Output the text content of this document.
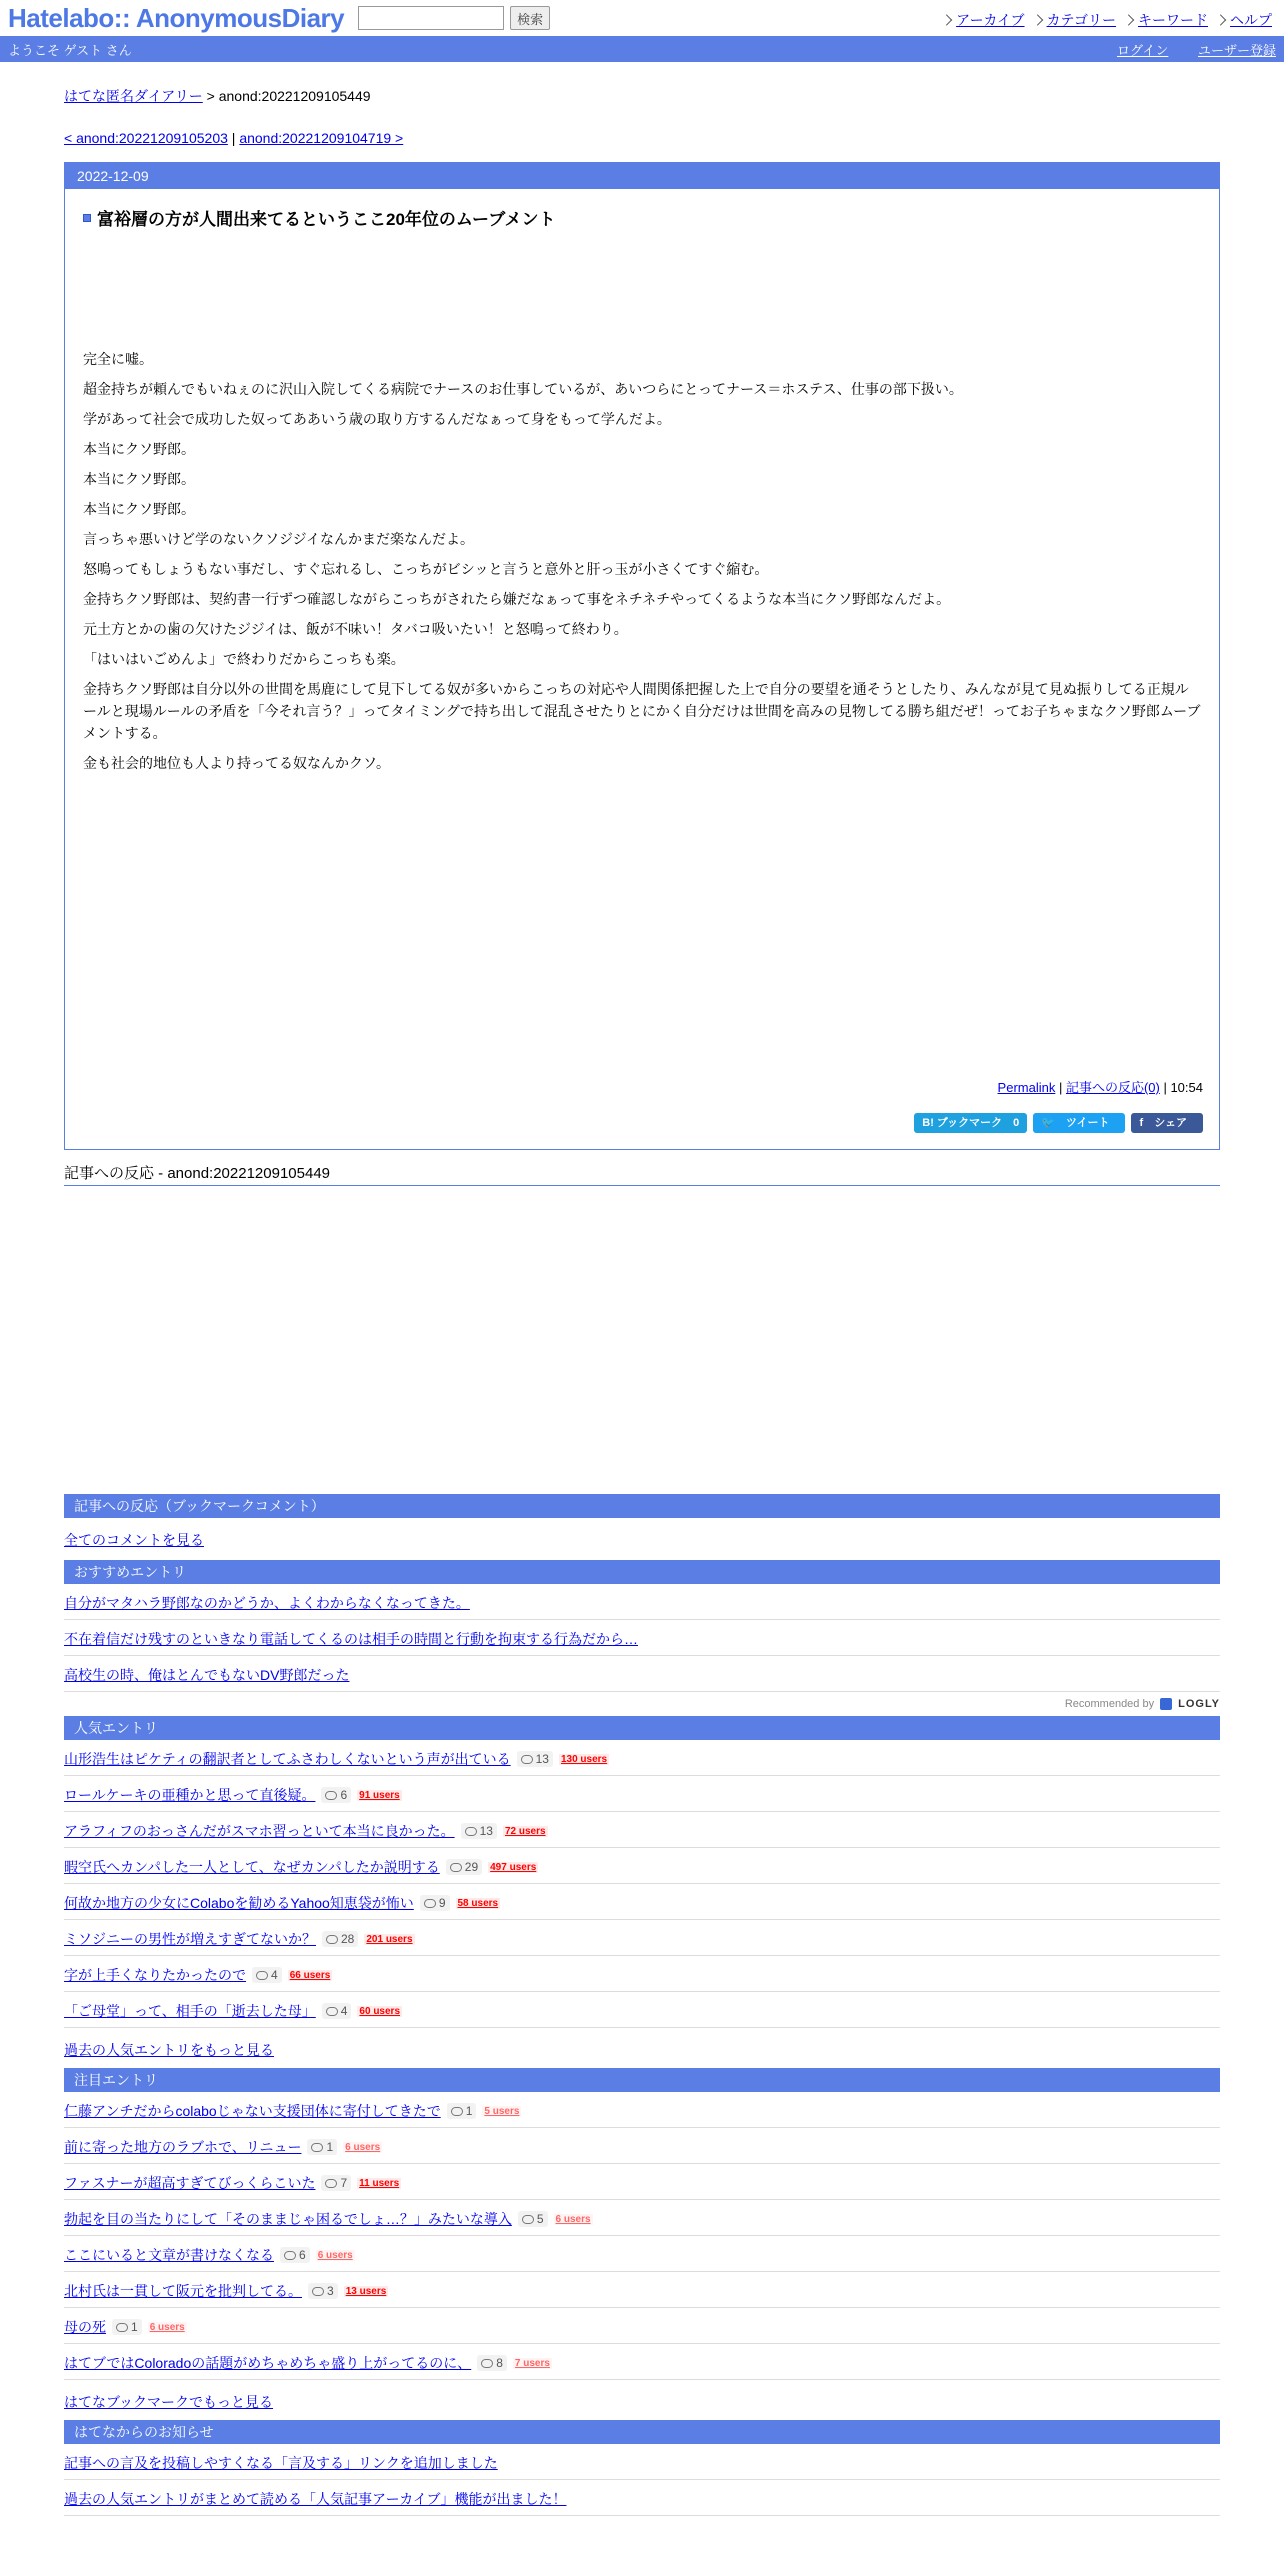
Hatelabo:: AnonymousDiary	検索	アーカイブ カテゴリー キーワード ヘルプ
ようこそ ゲスト さん	ログイン ユーザー登録
はてな匿名ダイアリー > anond:20221209105449
< anond:20221209105203 | anond:20221209104719 >
2022-12-09
富裕層の方が人間出来てるというここ20年位のムーブメント

完全に嘘。

超金持ちが頼んでもいねぇのに沢山入院してくる病院でナースのお仕事しているが、あいつらにとってナース＝ホステス、仕事の部下扱い。

学があって社会で成功した奴ってああいう歳の取り方するんだなぁって身をもって学んだよ。

本当にクソ野郎。

本当にクソ野郎。

本当にクソ野郎。

言っちゃ悪いけど学のないクソジジイなんかまだ楽なんだよ。

怒鳴ってもしょうもない事だし、すぐ忘れるし、こっちがビシッと言うと意外と肝っ玉が小さくてすぐ縮む。

金持ちクソ野郎は、契約書一行ずつ確認しながらこっちがされたら嫌だなぁって事をネチネチやってくるような本当にクソ野郎なんだよ。

元土方とかの歯の欠けたジジイは、飯が不味い！タバコ吸いたい！と怒鳴って終わり。

「はいはいごめんよ」で終わりだからこっちも楽。

金持ちクソ野郎は自分以外の世間を馬鹿にして見下してる奴が多いからこっちの対応や人間関係把握した上で自分の要望を通そうとしたり、みんなが見て見ぬ振りしてる正規ルールと現場ルールの矛盾を「今それ言う？」ってタイミングで持ち出して混乱させたりとにかく自分だけは世間を高みの見物してる勝ち組だぜ！ってお子ちゃまなクソ野郎ムーブメントする。

金も社会的地位も人より持ってる奴なんかクソ。

Permalink | 記事への反応(0) | 10:54
B! ブックマーク　0	🐦 ツイート	f シェア
記事への反応 - anond:20221209105449
記事への反応（ブックマークコメント）
全てのコメントを見る
おすすめエントリ
自分がマタハラ野郎なのかどうか、よくわからなくなってきた。
不在着信だけ残すのといきなり電話してくるのは相手の時間と行動を拘束する行為だから…
高校生の時、俺はとんでもないDV野郎だった
Recommended by LOGLY
人気エントリ
山形浩生はピケティの翻訳者としてふさわしくないという声が出ている 13 130 users
ロールケーキの亜種かと思って直後疑。 6 91 users
アラフィフのおっさんだがスマホ習っといて本当に良かった。 13 72 users
暇空氏へカンパした一人として、なぜカンパしたか説明する 29 497 users
何故か地方の少女にColaboを勧めるYahoo知恵袋が怖い 9 58 users
ミソジニーの男性が増えすぎてないか？ 28 201 users
字が上手くなりたかったので 4 66 users
「ご母堂」って、相手の「逝去した母」 4 60 users
過去の人気エントリをもっと見る
注目エントリ
仁藤アンチだからcolaboじゃない支援団体に寄付してきたで 1 5 users
前に寄った地方のラブホで、リニュー 1 6 users
ファスナーが超高すぎてびっくらこいた 7 11 users
勃起を目の当たりにして「そのままじゃ困るでしょ…？」みたいな導入 5 6 users
ここにいると文章が書けなくなる 6 6 users
北村氏は一貫して阪元を批判してる。 3 13 users
母の死 1 6 users
はてブではColoradoの話題がめちゃめちゃ盛り上がってるのに、 8 7 users
はてなブックマークでもっと見る
はてなからのお知らせ
記事への言及を投稿しやすくなる「言及する」リンクを追加しました
過去の人気エントリがまとめて読める「人気記事アーカイブ」機能が出ました！
